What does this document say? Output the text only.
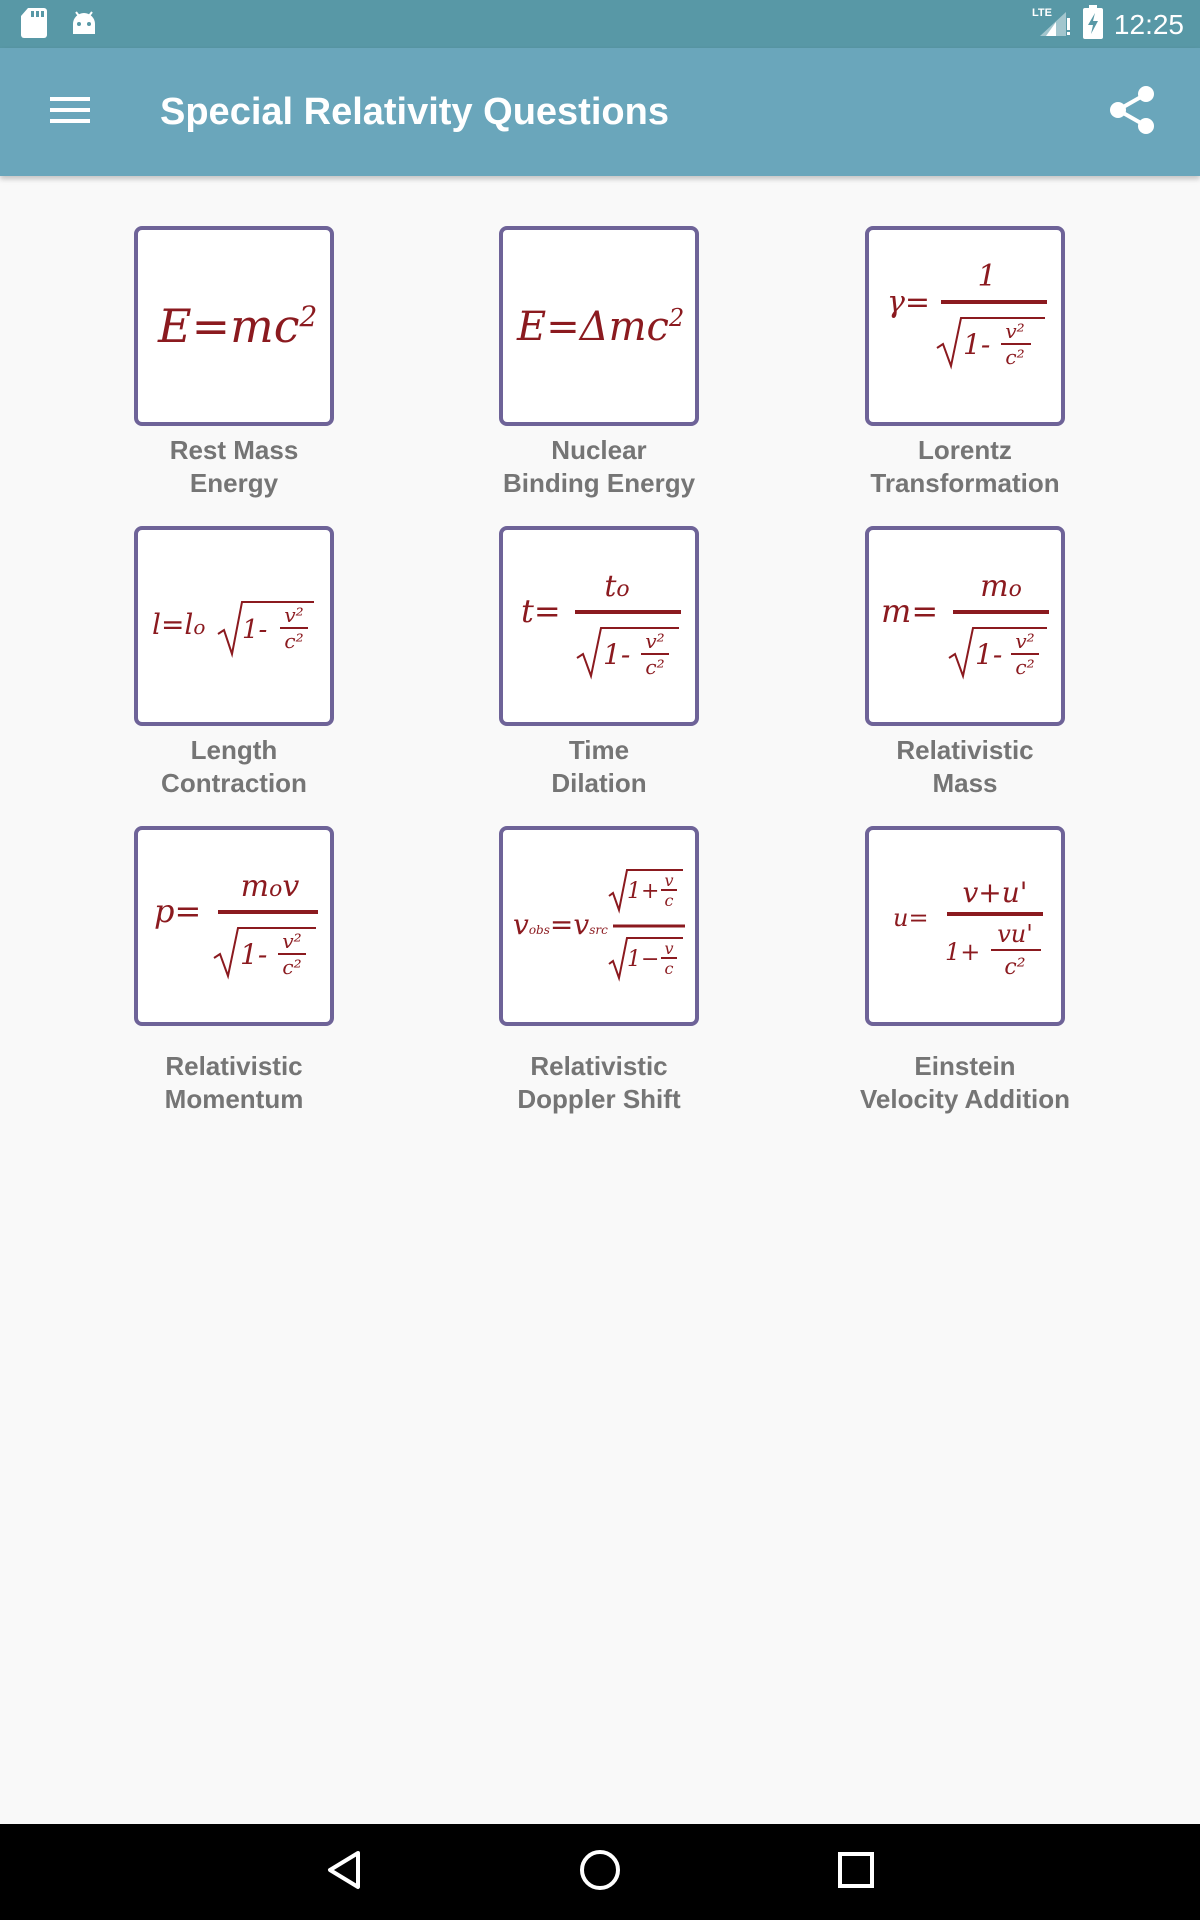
LTE 12:25
Special Relativity Questions
$E=mc^2$
Rest Mass
Energy
E=Δmc$^2$
Nuclear
Binding Energy
γ=
1
1- v²
c²
Lorentz
Transformation
l=lo 1- v²
c²
Length
Contraction
t=
to
1- v²
c²
Time
Dilation
m=
mo
1- v²
c²
Relativistic
Mass
p=
mov
1- v²
c²
Relativistic
Momentum
vobs=vsrc
1+ v
c
1− v
c
Relativistic
Doppler Shift
u=
v+u'
1+
vu'
c²
Einstein
Velocity Addition
